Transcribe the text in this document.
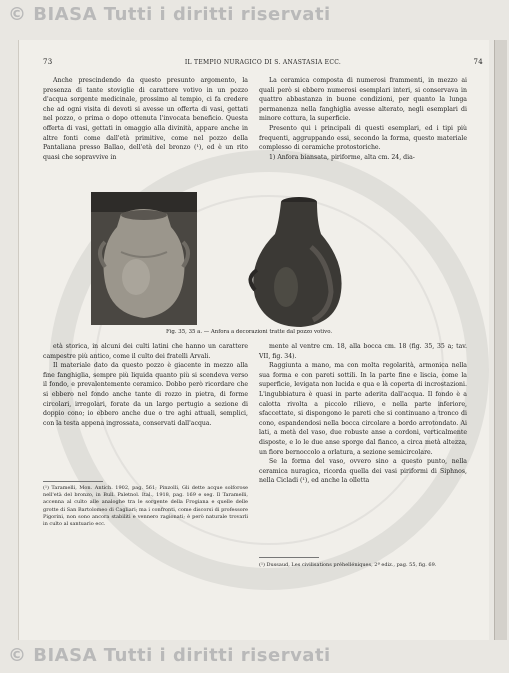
© BIASA Tutti i diritti riservati
73	IL TEMPIO NURAGICO DI S. ANASTASIA ECC.	74

Anche prescindendo da questo presunto argomento, la presenza di tante stoviglie di carattere votivo in un pozzo d'acqua sorgente medicinale, prossimo al tempio, ci fa credere che ad ogni visita di devoti si avesse un offerta di vasi, gettati nel pozzo, o prima o dopo ottenuta l'invocata beneficio. Questa offerta di vasi, gettati in omaggio alla divinità, appare anche in altre fonti come dall'età primitive, come nel pozzo della Pantaliana presso Ballao, dell'età del bronzo (¹), ed è un rito quasi che sopravvive in

La ceramica composta di numerosi frammenti, in mezzo ai quali però si ebbero numerosi esemplari interi, si conservava in quattro abbastanza in buone condizioni, per quanto la lunga permanenza nella fanghiglia avesse alterato, negli esemplari di minore cottura, la superficie.

Presento qui i principali di questi esemplari, ed i tipi più frequenti, aggruppando essi, secondo la forma, questo materiale complesso di ceramiche protostoriche.

1) Anfora biansata, piriforme, alta cm. 24, dia-

Fig. 35, 35 a. — Anfora a decorazioni tratte dal pozzo votivo.

età storica, in alcuni dei culti latini che hanno un carattere campestre più antico, come il culto dei fratelli Arvali.

Il materiale dato da questo pozzo è giacente in mezzo alla fine fanghiglia, sempre più liquida quanto più si scendeva verso il fondo, e prevalentemente ceramico. Dobbo però ricordare che si ebbero nel fondo anche tante di rozzo in pietra, di forme circolari, irregolari, forate da un largo pertugio a sezione di doppio cono; io ebbero anche due o tre aghi attuali, semplici, con la testa appena ingrossata, conservati dall'acqua.

mente al ventre cm. 18, alla bocca cm. 18 (fig. 35, 35 a; tav. VII, fig. 34).

Raggiunta a mano, ma con molta regolarità, armonica nella sua forma e con pareti sottili. In la parte fine e liscia, come la superficie, levigata non lucida e qua e là coperta di incrostazioni. L'ingubbiatura è quasi in parte aderita dall'acqua. Il fondo è a calotta rivolta a piccolo rilievo, e nella parte inferiore, sfaccettate, si dispongono le pareti che si continuano a tronco di cono, espandendosi nella bocca circolare a bordo arrotondato. Ai lati, a metà del vaso, due robuste anse a cordoni, verticalmente disposte, e lo le due anse sporge dal fianco, a circa metà altezza, un fiore bernoccolo a orlatura, a sezione semicircolare.

Se la forma del vaso, ovvero sino a questo punto, nella ceramica nuragica, ricorda quella dei vasi piriformi di Siphnos, nella Cicladi (¹), ed anche la olletta

(¹) Taramelli, Mon. Antich. 1902, pag. 561; Pinzolli, Gli dette acque solforose nell'età del bronzo, in Bull. Paletnol. Ital., 1918, pag. 169 e seg. Il Taramelli, accenna al culto alle analoghe tra le sorgente della Frogiana e quelle delle grotte di San Bartolomeo di Cagliari; ma i confronti, come discorsi di professore Pigorini, non sono ancora stabiliti e vennero ragionati; è però naturale trovarli in culto al santuario ecc.
(¹) Dussaud, Les civilisations préhelléniques, 2ª ediz., pag. 55, fig. 69.
© BIASA Tutti i diritti riservati
